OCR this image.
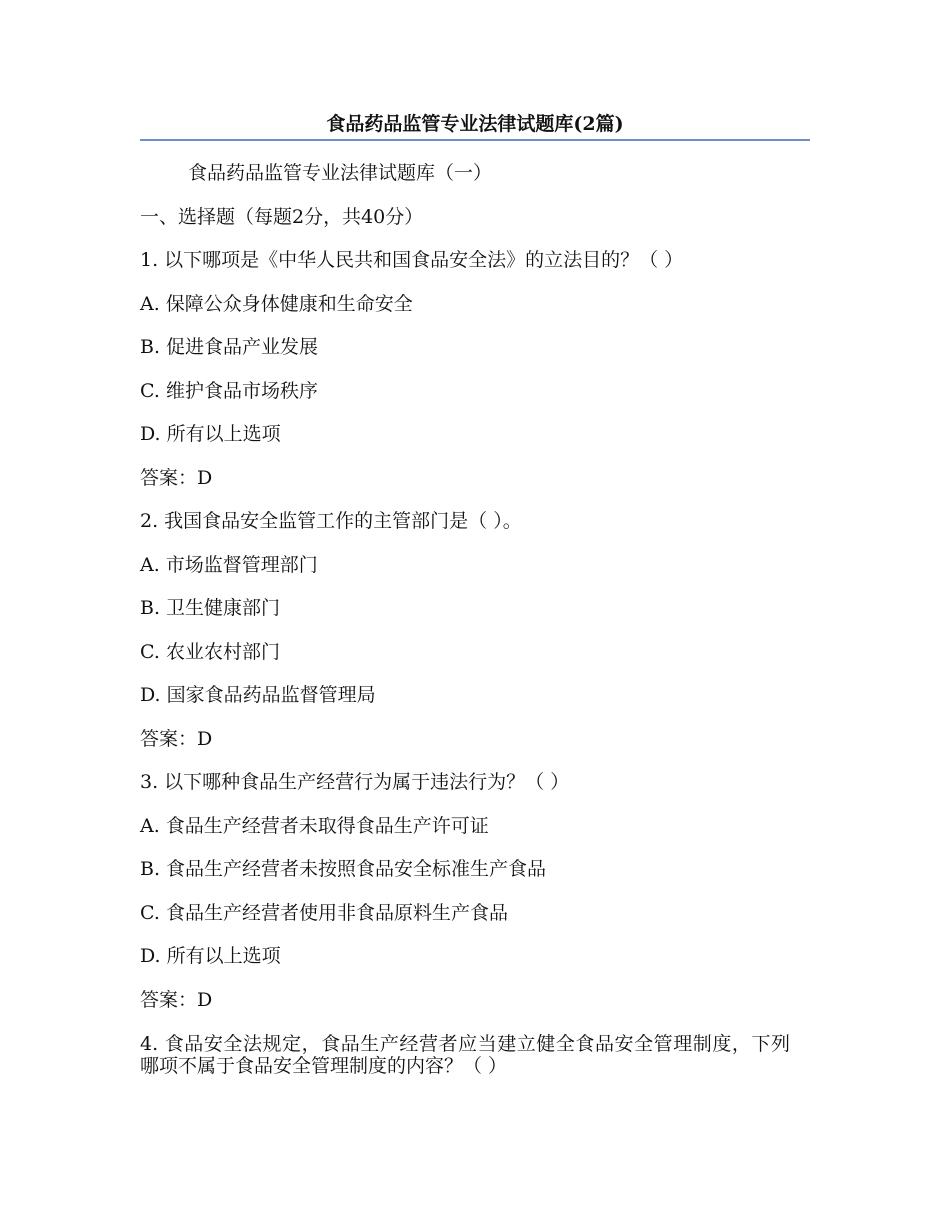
食品药品监管专业法律试题库(2篇)
食品药品监管专业法律试题库（一）
一、选择题（每题2分，共40分）
1. 以下哪项是《中华人民共和国食品安全法》的立法目的？（ ）
A. 保障公众身体健康和生命安全
B. 促进食品产业发展
C. 维护食品市场秩序
D. 所有以上选项
答案：D
2. 我国食品安全监管工作的主管部门是（ ）。
A. 市场监督管理部门
B. 卫生健康部门
C. 农业农村部门
D. 国家食品药品监督管理局
答案：D
3. 以下哪种食品生产经营行为属于违法行为？（ ）
A. 食品生产经营者未取得食品生产许可证
B. 食品生产经营者未按照食品安全标准生产食品
C. 食品生产经营者使用非食品原料生产食品
D. 所有以上选项
答案：D
4. 食品安全法规定，食品生产经营者应当建立健全食品安全管理制度，下列哪项不属于食品安全管理制度的内容？（ ）
